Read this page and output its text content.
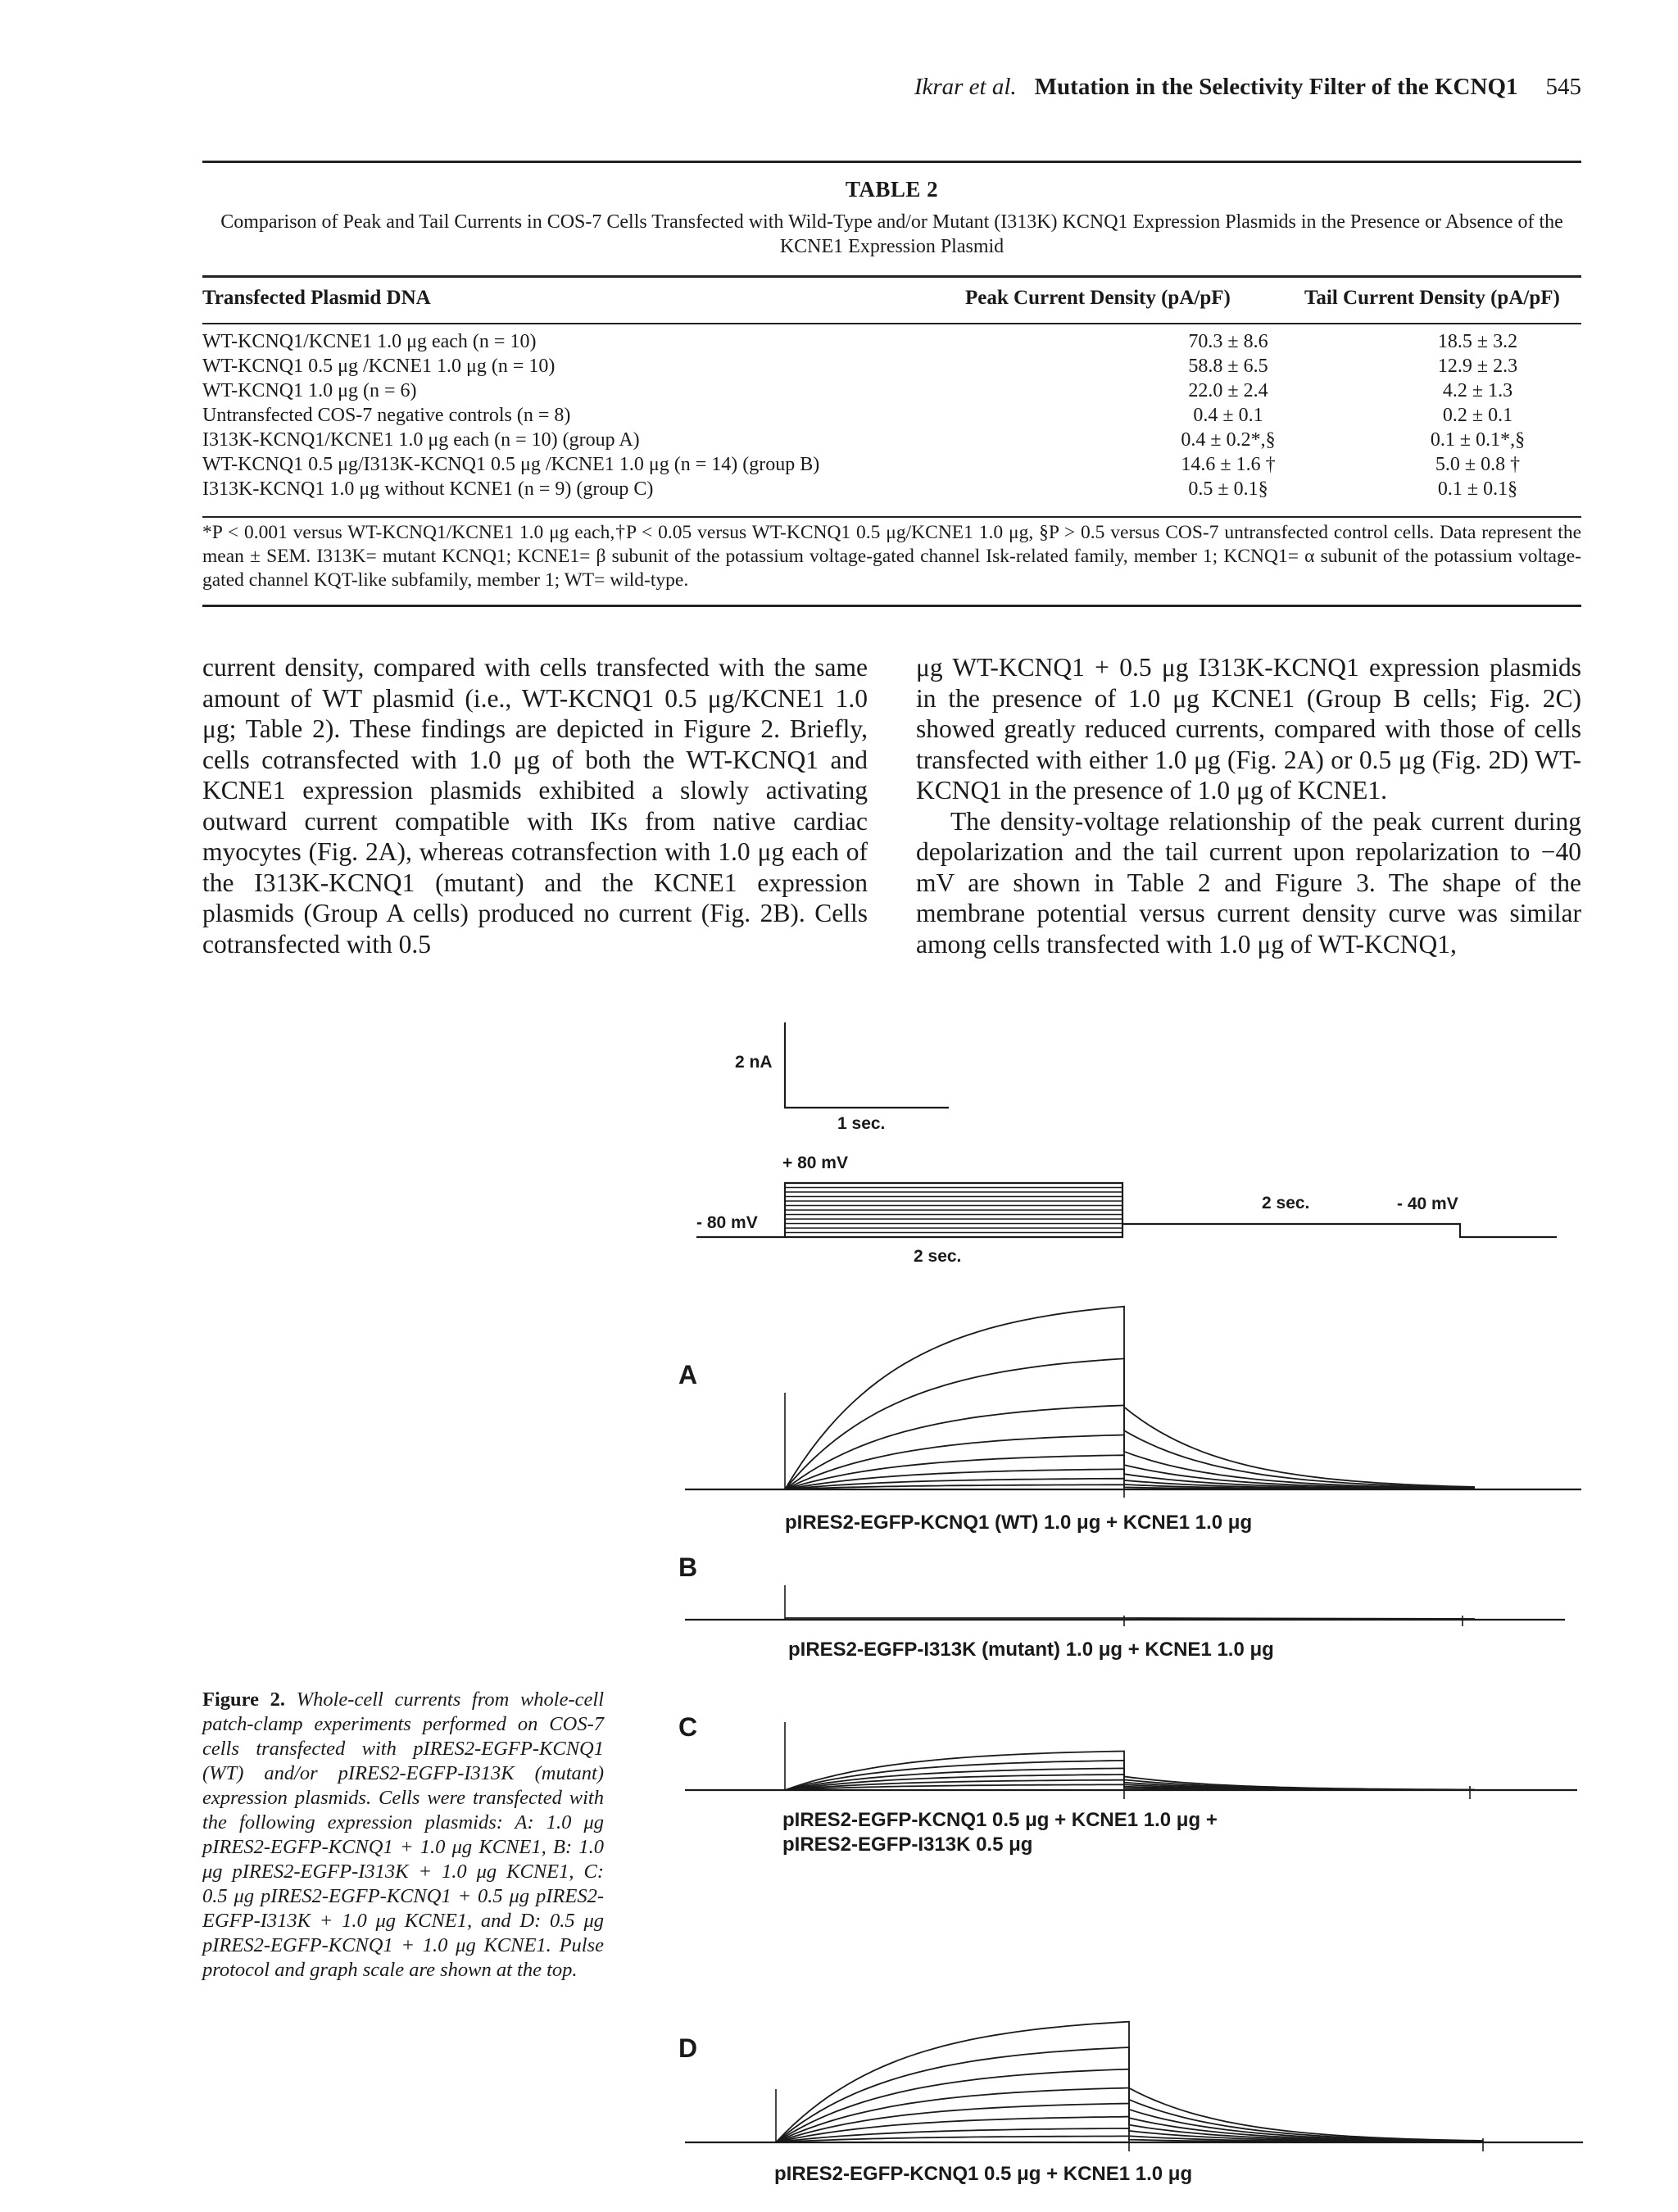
Ikrar et al. Mutation in the Selectivity Filter of the KCNQ1 545
TABLE 2
Comparison of Peak and Tail Currents in COS-7 Cells Transfected with Wild-Type and/or Mutant (I313K) KCNQ1 Expression Plasmids in the Presence or Absence of the KCNE1 Expression Plasmid
Transfected Plasmid DNA	Peak Current Density (pA/pF)	Tail Current Density (pA/pF)
WT-KCNQ1/KCNE1 1.0 μg each (n = 10)	70.3 ± 8.6	18.5 ± 3.2
WT-KCNQ1 0.5 μg /KCNE1 1.0 μg (n = 10)	58.8 ± 6.5	12.9 ± 2.3
WT-KCNQ1 1.0 μg (n = 6)	22.0 ± 2.4	4.2 ± 1.3
Untransfected COS-7 negative controls (n = 8)	0.4 ± 0.1	0.2 ± 0.1
I313K-KCNQ1/KCNE1 1.0 μg each (n = 10) (group A)	0.4 ± 0.2*,§	0.1 ± 0.1*,§
WT-KCNQ1 0.5 μg/I313K-KCNQ1 0.5 μg /KCNE1 1.0 μg (n = 14) (group B)	14.6 ± 1.6 †	5.0 ± 0.8 †
I313K-KCNQ1 1.0 μg without KCNE1 (n = 9) (group C)	0.5 ± 0.1§	0.1 ± 0.1§
*P < 0.001 versus WT-KCNQ1/KCNE1 1.0 μg each,†P < 0.05 versus WT-KCNQ1 0.5 μg/KCNE1 1.0 μg, §P > 0.5 versus COS-7 untransfected control cells. Data represent the mean ± SEM. I313K= mutant KCNQ1; KCNE1= β subunit of the potassium voltage-gated channel Isk-related family, member 1; KCNQ1= α subunit of the potassium voltage-gated channel KQT-like subfamily, member 1; WT= wild-type.
current density, compared with cells transfected with the same amount of WT plasmid (i.e., WT-KCNQ1 0.5 μg/KCNE1 1.0 μg; Table 2). These findings are depicted in Figure 2. Briefly, cells cotransfected with 1.0 μg of both the WT-KCNQ1 and KCNE1 expression plasmids exhibited a slowly activating outward current compatible with IKs from native cardiac myocytes (Fig. 2A), whereas cotransfection with 1.0 μg each of the I313K-KCNQ1 (mutant) and the KCNE1 expression plasmids (Group A cells) produced no current (Fig. 2B). Cells cotransfected with 0.5
μg WT-KCNQ1 + 0.5 μg I313K-KCNQ1 expression plasmids in the presence of 1.0 μg KCNE1 (Group B cells; Fig. 2C) showed greatly reduced currents, compared with those of cells transfected with either 1.0 μg (Fig. 2A) or 0.5 μg (Fig. 2D) WT-KCNQ1 in the presence of 1.0 μg of KCNE1.
The density-voltage relationship of the peak current during depolarization and the tail current upon repolarization to −40 mV are shown in Table 2 and Figure 3. The shape of the membrane potential versus current density curve was similar among cells transfected with 1.0 μg of WT-KCNQ1,
2 nA
1 sec.
+ 80 mV
- 80 mV
2 sec.
2 sec.	- 40 mV
A
B
C
D
pIRES2-EGFP-KCNQ1 (WT) 1.0 μg + KCNE1 1.0 μg
pIRES2-EGFP-I313K (mutant) 1.0 μg + KCNE1 1.0 μg
pIRES2-EGFP-KCNQ1 0.5 μg + KCNE1 1.0 μg +
pIRES2-EGFP-I313K 0.5 μg
pIRES2-EGFP-KCNQ1 0.5 μg + KCNE1 1.0 μg
Figure 2. Whole-cell currents from whole-cell patch-clamp experiments performed on COS-7 cells transfected with pIRES2-EGFP-KCNQ1 (WT) and/or pIRES2-EGFP-I313K (mutant) expression plasmids. Cells were transfected with the following expression plasmids: A: 1.0 μg pIRES2-EGFP-KCNQ1 + 1.0 μg KCNE1, B: 1.0 μg pIRES2-EGFP-I313K + 1.0 μg KCNE1, C: 0.5 μg pIRES2-EGFP-KCNQ1 + 0.5 μg pIRES2-EGFP-I313K + 1.0 μg KCNE1, and D: 0.5 μg pIRES2-EGFP-KCNQ1 + 1.0 μg KCNE1. Pulse protocol and graph scale are shown at the top.
